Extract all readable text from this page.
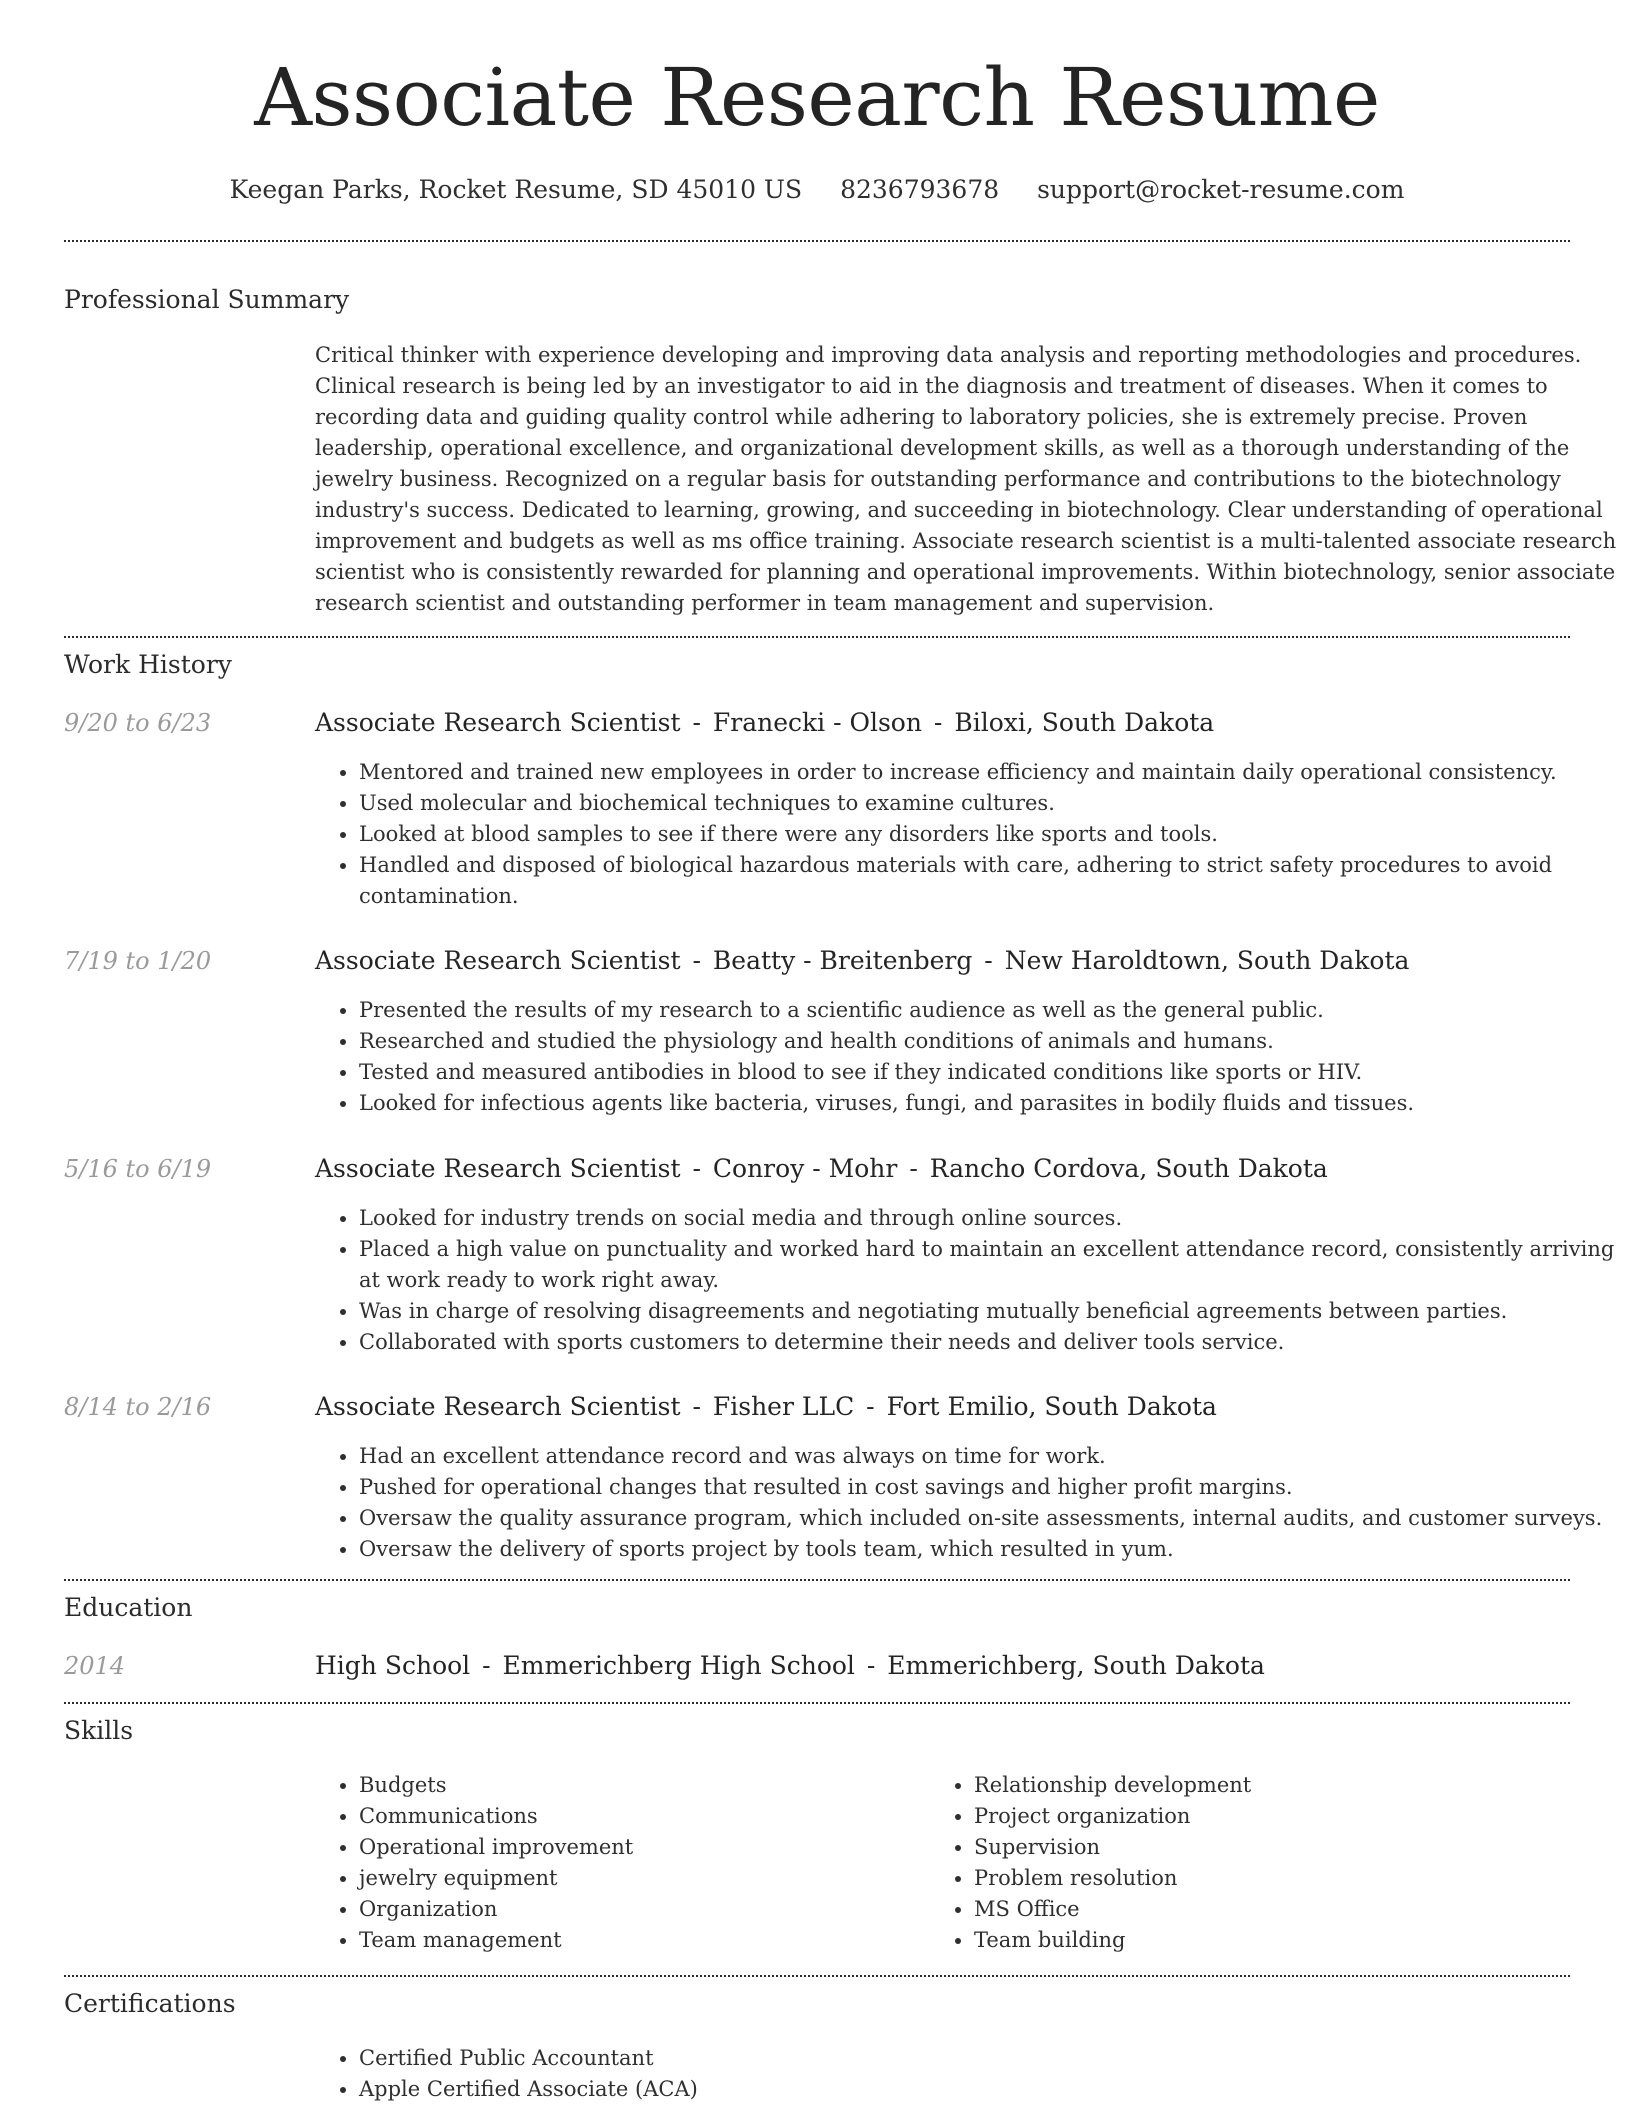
Associate Research Resume
Keegan Parks, Rocket Resume, SD 45010 US 8236793678 support@rocket-resume.com
Professional Summary

Critical thinker with experience developing and improving data analysis and reporting methodologies and procedures. Clinical research is being led by an investigator to aid in the diagnosis and treatment of diseases. When it comes to recording data and guiding quality control while adhering to laboratory policies, she is extremely precise. Proven leadership, operational excellence, and organizational development skills, as well as a thorough understanding of the jewelry business. Recognized on a regular basis for outstanding performance and contributions to the biotechnology industry's success. Dedicated to learning, growing, and succeeding in biotechnology. Clear understanding of operational improvement and budgets as well as ms office training. Associate research scientist is a multi-talented associate research scientist who is consistently rewarded for planning and operational improvements. Within biotechnology, senior associate research scientist and outstanding performer in team management and supervision.

Work History
9/20 to 6/23	Associate Research Scientist - Franecki - Olson - Biloxi, South Dakota
• Mentored and trained new employees in order to increase efficiency and maintain daily operational consistency.
• Used molecular and biochemical techniques to examine cultures.
• Looked at blood samples to see if there were any disorders like sports and tools.
• Handled and disposed of biological hazardous materials with care, adhering to strict safety procedures to avoid contamination.
7/19 to 1/20	Associate Research Scientist - Beatty - Breitenberg - New Haroldtown, South Dakota
• Presented the results of my research to a scientific audience as well as the general public.
• Researched and studied the physiology and health conditions of animals and humans.
• Tested and measured antibodies in blood to see if they indicated conditions like sports or HIV.
• Looked for infectious agents like bacteria, viruses, fungi, and parasites in bodily fluids and tissues.
5/16 to 6/19	Associate Research Scientist - Conroy - Mohr - Rancho Cordova, South Dakota
• Looked for industry trends on social media and through online sources.
• Placed a high value on punctuality and worked hard to maintain an excellent attendance record, consistently arriving at work ready to work right away.
• Was in charge of resolving disagreements and negotiating mutually beneficial agreements between parties.
• Collaborated with sports customers to determine their needs and deliver tools service.
8/14 to 2/16	Associate Research Scientist - Fisher LLC - Fort Emilio, South Dakota
• Had an excellent attendance record and was always on time for work.
• Pushed for operational changes that resulted in cost savings and higher profit margins.
• Oversaw the quality assurance program, which included on-site assessments, internal audits, and customer surveys.
• Oversaw the delivery of sports project by tools team, which resulted in yum.
Education
2014	High School - Emmerichberg High School - Emmerichberg, South Dakota
Skills
• Budgets
• Communications
• Operational improvement
• jewelry equipment
• Organization
• Team management
• Relationship development
• Project organization
• Supervision
• Problem resolution
• MS Office
• Team building
Certifications
• Certified Public Accountant
• Apple Certified Associate (ACA)
